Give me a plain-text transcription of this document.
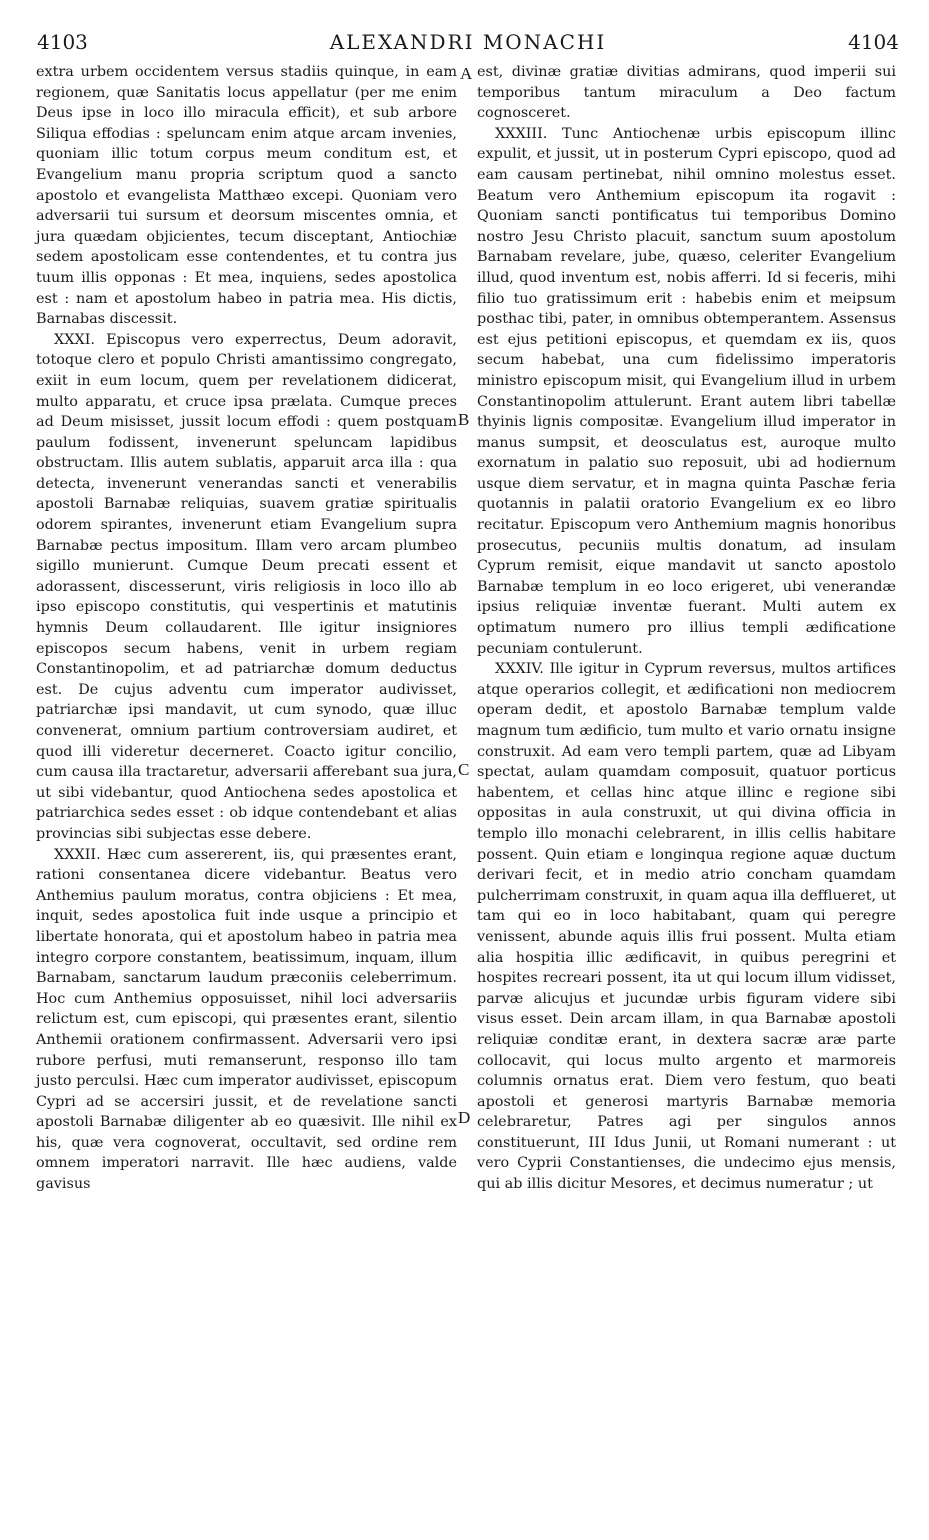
4103	ALEXANDRI MONACHI	4104

extra urbem occidentem versus stadiis quinque, in eam regionem, quæ Sanitatis locus appellatur (per me enim Deus ipse in loco illo miracula efficit), et sub arbore Siliqua effodias : speluncam enim atque arcam invenies, quoniam illic totum corpus meum conditum est, et Evangelium manu propria scriptum quod a sancto apostolo et evangelista Matthæo excepi. Quoniam vero adversarii tui sursum et deorsum miscentes omnia, et jura quædam objicientes, tecum disceptant, Antiochiæ sedem apostolicam esse contendentes, et tu contra jus tuum illis opponas : Et mea, inquiens, sedes apostolica est : nam et apostolum habeo in patria mea. His dictis, Barnabas discessit.

XXXI. Episcopus vero experrectus, Deum adoravit, totoque clero et populo Christi amantissimo congregato, exiit in eum locum, quem per revelationem didicerat, multo apparatu, et cruce ipsa prælata. Cumque preces ad Deum misisset, jussit locum effodi : quem postquam paulum fodissent, invenerunt speluncam lapidibus obstructam. Illis autem sublatis, apparuit arca illa : qua detecta, invenerunt venerandas sancti et venerabilis apostoli Barnabæ reliquias, suavem gratiæ spiritualis odorem spirantes, invenerunt etiam Evangelium supra Barnabæ pectus impositum. Illam vero arcam plumbeo sigillo munierunt. Cumque Deum precati essent et adorassent, discesserunt, viris religiosis in loco illo ab ipso episcopo constitutis, qui vespertinis et matutinis hymnis Deum collaudarent. Ille igitur insigniores episcopos secum habens, venit in urbem regiam Constantinopolim, et ad patriarchæ domum deductus est. De cujus adventu cum imperator audivisset, patriarchæ ipsi mandavit, ut cum synodo, quæ illuc convenerat, omnium partium controversiam audiret, et quod illi videretur decerneret. Coacto igitur concilio, cum causa illa tractaretur, adversarii afferebant sua jura, ut sibi videbantur, quod Antiochena sedes apostolica et patriarchica sedes esset : ob idque contendebant et alias provincias sibi subjectas esse debere.

XXXII. Hæc cum assererent, iis, qui præsentes erant, rationi consentanea dicere videbantur. Beatus vero Anthemius paulum moratus, contra objiciens : Et mea, inquit, sedes apostolica fuit inde usque a principio et libertate honorata, qui et apostolum habeo in patria mea integro corpore constantem, beatissimum, inquam, illum Barnabam, sanctarum laudum præconiis celeberrimum. Hoc cum Anthemius opposuisset, nihil loci adversariis relictum est, cum episcopi, qui præsentes erant, silentio Anthemii orationem confirmassent. Adversarii vero ipsi rubore perfusi, muti remanserunt, responso illo tam justo perculsi. Hæc cum imperator audivisset, episcopum Cypri ad se accersiri jussit, et de revelatione sancti apostoli Barnabæ diligenter ab eo quæsivit. Ille nihil ex his, quæ vera cognoverat, occultavit, sed ordine rem omnem imperatori narravit. Ille hæc audiens, valde gavisus

est, divinæ gratiæ divitias admirans, quod imperii sui temporibus tantum miraculum a Deo factum cognosceret.

XXXIII. Tunc Antiochenæ urbis episcopum illinc expulit, et jussit, ut in posterum Cypri episcopo, quod ad eam causam pertinebat, nihil omnino molestus esset. Beatum vero Anthemium episcopum ita rogavit : Quoniam sancti pontificatus tui temporibus Domino nostro Jesu Christo placuit, sanctum suum apostolum Barnabam revelare, jube, quæso, celeriter Evangelium illud, quod inventum est, nobis afferri. Id si feceris, mihi filio tuo gratissimum erit : habebis enim et meipsum posthac tibi, pater, in omnibus obtemperantem. Assensus est ejus petitioni episcopus, et quemdam ex iis, quos secum habebat, una cum fidelissimo imperatoris ministro episcopum misit, qui Evangelium illud in urbem Constantinopolim attulerunt. Erant autem libri tabellæ thyinis lignis compositæ. Evangelium illud imperator in manus sumpsit, et deosculatus est, auroque multo exornatum in palatio suo reposuit, ubi ad hodiernum usque diem servatur, et in magna quinta Paschæ feria quotannis in palatii oratorio Evangelium ex eo libro recitatur. Episcopum vero Anthemium magnis honoribus prosecutus, pecuniis multis donatum, ad insulam Cyprum remisit, eique mandavit ut sancto apostolo Barnabæ templum in eo loco erigeret, ubi venerandæ ipsius reliquiæ inventæ fuerant. Multi autem ex optimatum numero pro illius templi ædificatione pecuniam contulerunt.

XXXIV. Ille igitur in Cyprum reversus, multos artifices atque operarios collegit, et ædificationi non mediocrem operam dedit, et apostolo Barnabæ templum valde magnum tum ædificio, tum multo et vario ornatu insigne construxit. Ad eam vero templi partem, quæ ad Libyam spectat, aulam quamdam composuit, quatuor porticus habentem, et cellas hinc atque illinc e regione sibi oppositas in aula construxit, ut qui divina officia in templo illo monachi celebrarent, in illis cellis habitare possent. Quin etiam e longinqua regione aquæ ductum derivari fecit, et in medio atrio concham quamdam pulcherrimam construxit, in quam aqua illa defflueret, ut tam qui eo in loco habitabant, quam qui peregre venissent, abunde aquis illis frui possent. Multa etiam alia hospitia illic ædificavit, in quibus peregrini et hospites recreari possent, ita ut qui locum illum vidisset, parvæ alicujus et jucundæ urbis figuram videre sibi visus esset. Dein arcam illam, in qua Barnabæ apostoli reliquiæ conditæ erant, in dextera sacræ aræ parte collocavit, qui locus multo argento et marmoreis columnis ornatus erat. Diem vero festum, quo beati apostoli et generosi martyris Barnabæ memoria celebraretur, Patres agi per singulos annos constituerunt, III Idus Junii, ut Romani numerant : ut vero Cyprii Constantienses, die undecimo ejus mensis, qui ab illis dicitur Mesores, et decimus numeratur ; ut

A
B
C
D
